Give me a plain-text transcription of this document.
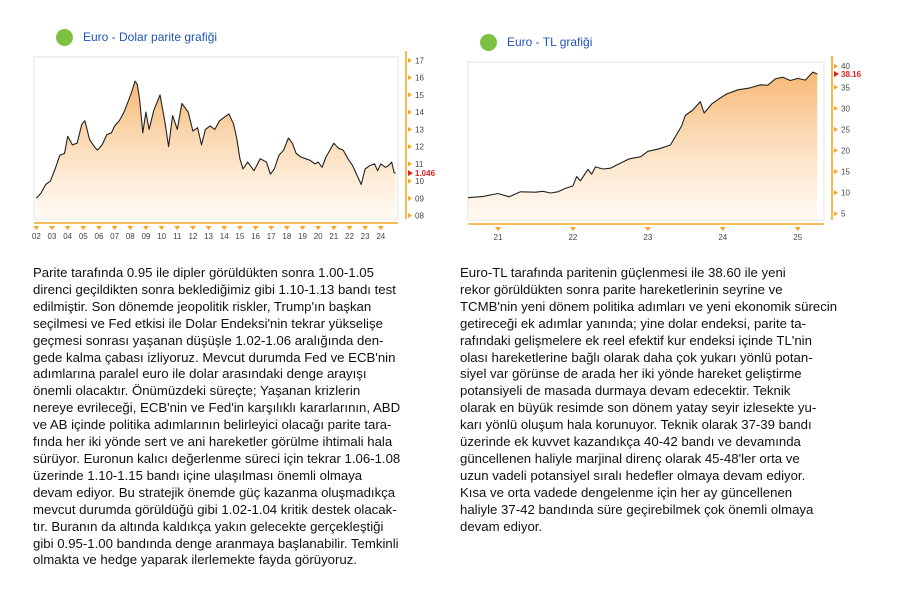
Euro - Dolar parite grafiği
17
16
15
14
13
12
11
10
09
08
1.046
02 03 04 05 06 07 08 09 10 11 12 13 14 15 16 17 18 19 20 21 22 23 24
Euro - TL grafiği
40
35
30
25
20
15
10
5
38.16
21	22	23	24	25
Parite tarafında 0.95 ile dipler görüldükten sonra 1.00-1.05
direnci geçildikten sonra beklediğimiz gibi 1.10-1.13 bandı test
edilmiştir. Son dönemde jeopolitik riskler, Trump'ın başkan
seçilmesi ve Fed etkisi ile Dolar Endeksi'nin tekrar yükselişe
geçmesi sonrası yaşanan düşüşle 1.02-1.06 aralığında den-
gede kalma çabası izliyoruz. Mevcut durumda Fed ve ECB'nin
adımlarına paralel euro ile dolar arasındaki denge arayışı
önemli olacaktır. Önümüzdeki süreçte; Yaşanan krizlerin
nereye evrileceği, ECB'nin ve Fed'in karşılıklı kararlarının, ABD
ve AB içinde politika adımlarının belirleyici olacağı parite tara-
fında her iki yönde sert ve ani hareketler görülme ihtimali hala
sürüyor. Euronun kalıcı değerlenme süreci için tekrar 1.06-1.08
üzerinde 1.10-1.15 bandı içine ulaşılması önemli olmaya
devam ediyor. Bu stratejik önemde güç kazanma oluşmadıkça
mevcut durumda görüldüğü gibi 1.02-1.04 kritik destek olacak-
tır. Buranın da altında kaldıkça yakın gelecekte gerçekleştiği
gibi 0.95-1.00 bandında denge aranmaya başlanabilir. Temkinli
olmakta ve hedge yaparak ilerlemekte fayda görüyoruz.
Euro-TL tarafında paritenin güçlenmesi ile 38.60 ile yeni
rekor görüldükten sonra parite hareketlerinin seyrine ve
TCMB'nin yeni dönem politika adımları ve yeni ekonomik sürecin
getireceği ek adımlar yanında; yine dolar endeksi, parite ta-
rafındaki gelişmelere ek reel efektif kur endeksi içinde TL'nin
olası hareketlerine bağlı olarak daha çok yukarı yönlü potan-
siyel var görünse de arada her iki yönde hareket geliştirme
potansiyeli de masada durmaya devam edecektir. Teknik
olarak en büyük resimde son dönem yatay seyir izlesekte yu-
karı yönlü oluşum hala korunuyor. Teknik olarak 37-39 bandı
üzerinde ek kuvvet kazandıkça 40-42 bandı ve devamında
güncellenen haliyle marjinal direnç olarak 45-48'ler orta ve
uzun vadeli potansiyel sıralı hedefler olmaya devam ediyor.
Kısa ve orta vadede dengelenme için her ay güncellenen
haliyle 37-42 bandında süre geçirebilmek çok önemli olmaya
devam ediyor.
